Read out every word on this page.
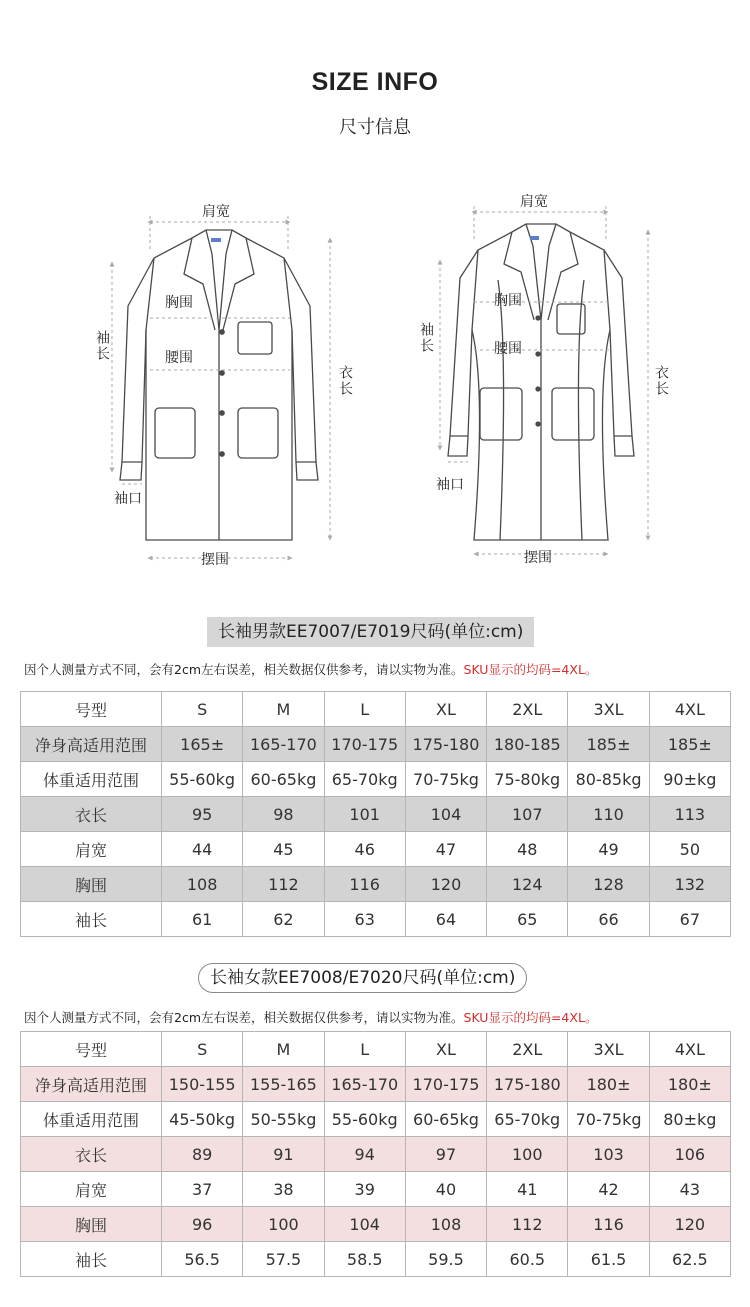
SIZE INFO
尺寸信息
肩宽
胸围
腰围
袖长
衣长
袖口
摆围
肩宽
胸围
腰围
袖长
衣长
袖口
摆围
长袖男款EE7007/E7019尺码(单位:cm)
因个人测量方式不同，会有2cm左右误差，相关数据仅供参考，请以实物为准。SKU显示的均码=4XL。
号型	S	M	L	XL	2XL	3XL	4XL
净身高适用范围	165±	165-170	170-175	175-180	180-185	185±	185±
体重适用范围	55-60kg	60-65kg	65-70kg	70-75kg	75-80kg	80-85kg	90±kg
衣长	95	98	101	104	107	110	113
肩宽	44	45	46	47	48	49	50
胸围	108	112	116	120	124	128	132
袖长	61	62	63	64	65	66	67
长袖女款EE7008/E7020尺码(单位:cm)
因个人测量方式不同，会有2cm左右误差，相关数据仅供参考，请以实物为准。SKU显示的均码=4XL。
号型	S	M	L	XL	2XL	3XL	4XL
净身高适用范围	150-155	155-165	165-170	170-175	175-180	180±	180±
体重适用范围	45-50kg	50-55kg	55-60kg	60-65kg	65-70kg	70-75kg	80±kg
衣长	89	91	94	97	100	103	106
肩宽	37	38	39	40	41	42	43
胸围	96	100	104	108	112	116	120
袖长	56.5	57.5	58.5	59.5	60.5	61.5	62.5
